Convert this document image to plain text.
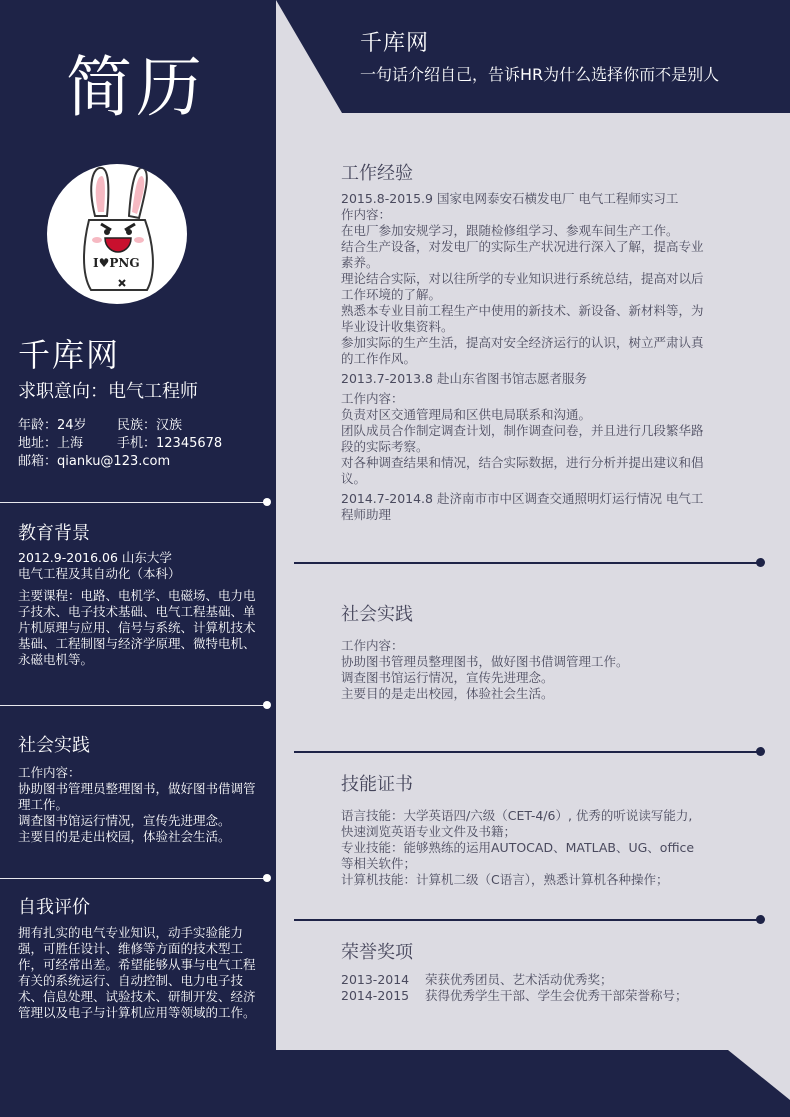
简历
I♥PNG
千库网
求职意向：电气工程师
年龄：24岁 民族：汉族
地址：上海	手机：12345678
邮箱：qianku@123.com
教育背景

2012.9-2016.06 山东大学

电气工程及其自动化（本科）

主要课程：电路、电机学、电磁场、电力电子技术、电子技术基础、电气工程基础、单片机原理与应用、信号与系统、计算机技术基础、工程制图与经济学原理、微特电机、永磁电机等。

社会实践

工作内容：

协助图书管理员整理图书，做好图书借调管理工作。

调查图书馆运行情况，宣传先进理念。

主要目的是走出校园，体验社会生活。

自我评价
拥有扎实的电气专业知识，动手实验能力强，可胜任设计、维修等方面的技术型工作，可经常出差。希望能够从事与电气工程有关的系统运行、自动控制、电力电子技术、信息处理、试验技术、研制开发、经济管理以及电子与计算机应用等领域的工作。
千库网
一句话介绍自己，告诉HR为什么选择你而不是别人
工作经验

2015.8-2015.9 国家电网泰安石横发电厂 电气工程师实习工

作内容：

在电厂参加安规学习，跟随检修组学习、参观车间生产工作。

结合生产设备，对发电厂的实际生产状况进行深入了解，提高专业素养。

理论结合实际，对以往所学的专业知识进行系统总结，提高对以后工作环境的了解。

熟悉本专业目前工程生产中使用的新技术、新设备、新材料等，为毕业设计收集资料。

参加实际的生产生活，提高对安全经济运行的认识，树立严肃认真的工作作风。

2013.7-2013.8 赴山东省图书馆志愿者服务

工作内容：

负责对区交通管理局和区供电局联系和沟通。

团队成员合作制定调查计划，制作调查问卷，并且进行几段繁华路段的实际考察。

对各种调查结果和情况，结合实际数据，进行分析并提出建议和倡议。

2014.7-2014.8 赴济南市市中区调查交通照明灯运行情况 电气工程师助理

社会实践

工作内容：

协助图书管理员整理图书，做好图书借调管理工作。

调查图书馆运行情况，宣传先进理念。

主要目的是走出校园，体验社会生活。

技能证书

语言技能：大学英语四/六级（CET-4/6）, 优秀的听说读写能力, 快速浏览英语专业文件及书籍；

专业技能：能够熟练的运用AUTOCAD、MATLAB、UG、office等相关软件；

计算机技能：计算机二级（C语言），熟悉计算机各种操作；

荣誉奖项

2013-2014    荣获优秀团员、艺术活动优秀奖；

2014-2015    获得优秀学生干部、学生会优秀干部荣誉称号；
